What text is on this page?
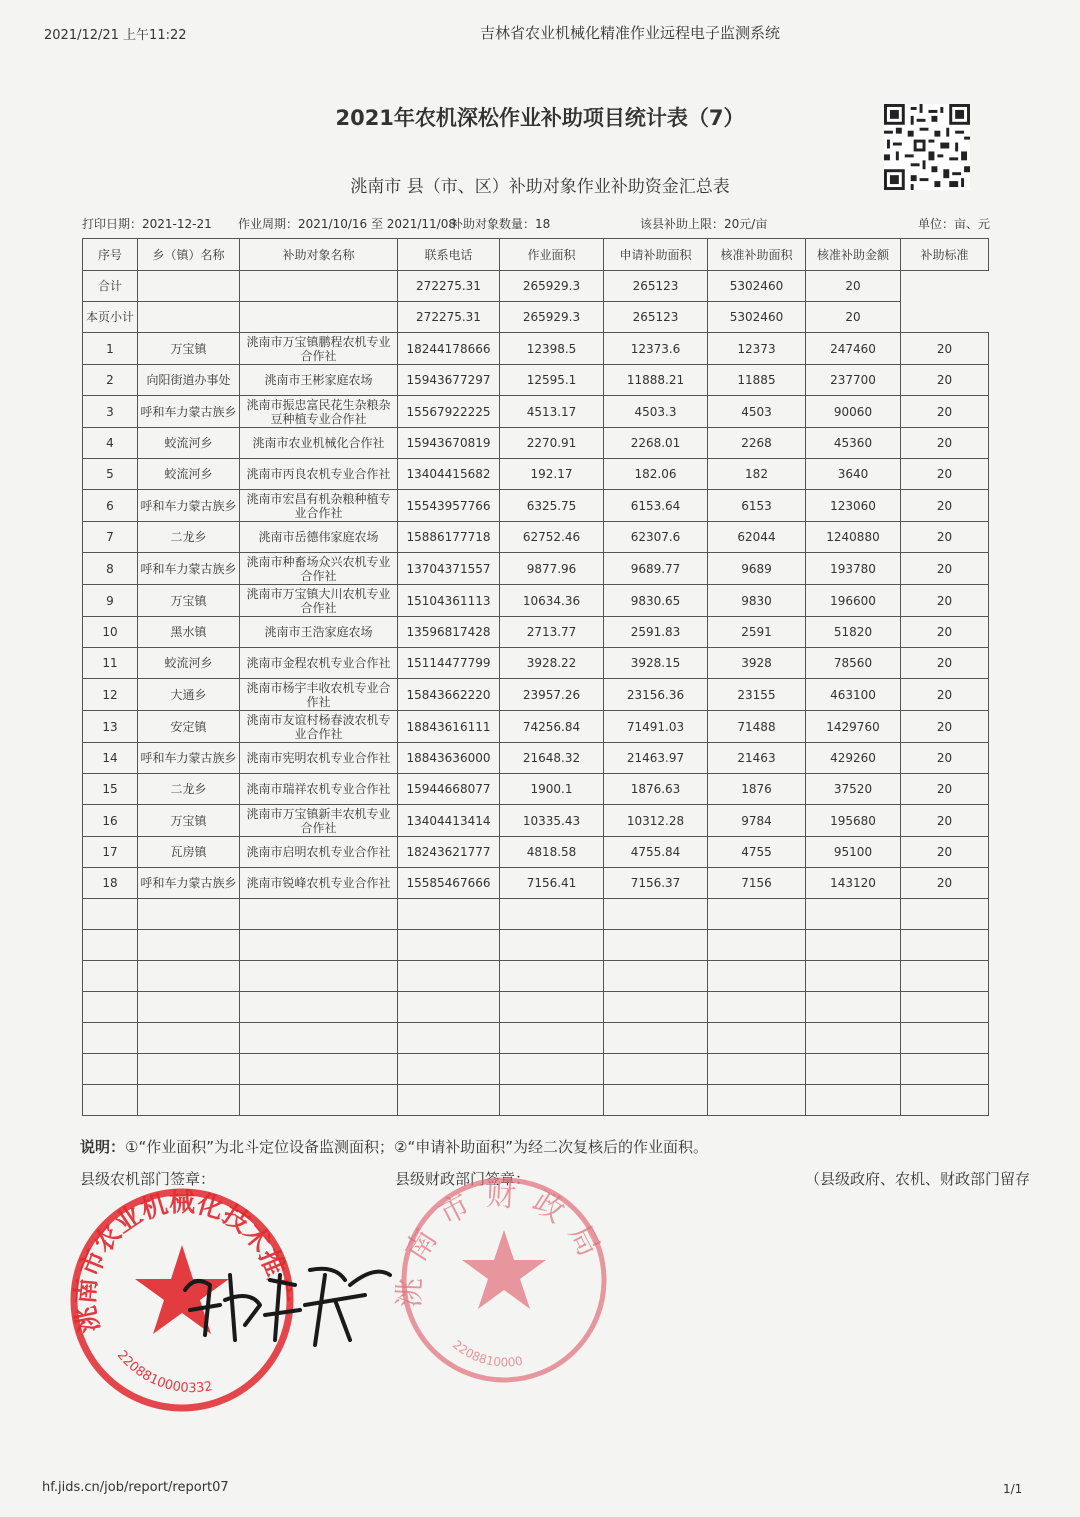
2021/12/21 上午11:22	吉林省农业机械化精准作业远程电子监测系统
2021年农机深松作业补助项目统计表（7）
洮南市 县（市、区）补助对象作业补助资金汇总表
打印日期：2021-12-21 作业周期：2021/10/16 至 2021/11/08
补助对象数量：18	该县补助上限：20元/亩	单位：亩、元
序号	乡（镇）名称	补助对象名称	联系电话	作业面积	申请补助面积	核准补助面积	核准补助金额	补助标准
合计			272275.31	265929.3	265123	5302460	20	
本页小计			272275.31	265929.3	265123	5302460	20	
1	万宝镇	洮南市万宝镇鹏程农机专业合作社	18244178666	12398.5	12373.6	12373	247460	20
2	向阳街道办事处	洮南市王彬家庭农场	15943677297	12595.1	11888.21	11885	237700	20
3	呼和车力蒙古族乡	洮南市振忠富民花生杂粮杂豆种植专业合作社	15567922225	4513.17	4503.3	4503	90060	20
4	蛟流河乡	洮南市农业机械化合作社	15943670819	2270.91	2268.01	2268	45360	20
5	蛟流河乡	洮南市丙良农机专业合作社	13404415682	192.17	182.06	182	3640	20
6	呼和车力蒙古族乡	洮南市宏昌有机杂粮种植专业合作社	15543957766	6325.75	6153.64	6153	123060	20
7	二龙乡	洮南市岳德伟家庭农场	15886177718	62752.46	62307.6	62044	1240880	20
8	呼和车力蒙古族乡	洮南市种畜场众兴农机专业合作社	13704371557	9877.96	9689.77	9689	193780	20
9	万宝镇	洮南市万宝镇大川农机专业合作社	15104361113	10634.36	9830.65	9830	196600	20
10	黑水镇	洮南市王浩家庭农场	13596817428	2713.77	2591.83	2591	51820	20
11	蛟流河乡	洮南市金程农机专业合作社	15114477799	3928.22	3928.15	3928	78560	20
12	大通乡	洮南市杨宇丰收农机专业合作社	15843662220	23957.26	23156.36	23155	463100	20
13	安定镇	洮南市友谊村杨春波农机专业合作社	18843616111	74256.84	71491.03	71488	1429760	20
14	呼和车力蒙古族乡	洮南市宪明农机专业合作社	18843636000	21648.32	21463.97	21463	429260	20
15	二龙乡	洮南市瑞祥农机专业合作社	15944668077	1900.1	1876.63	1876	37520	20
16	万宝镇	洮南市万宝镇新丰农机专业合作社	13404413414	10335.43	10312.28	9784	195680	20
17	瓦房镇	洮南市启明农机专业合作社	18243621777	4818.58	4755.84	4755	95100	20
18	呼和车力蒙古族乡	洮南市锐峰农机专业合作社	15585467666	7156.41	7156.37	7156	143120	20

说明：①“作业面积”为北斗定位设备监测面积；②“申请补助面积”为经二次复核后的作业面积。
县级农机部门签章：	县级财政部门签章：	（县级政府、农机、财政部门留存
洮南市农业机械化技术推广
2208810000332
洮南市财政局
2208810000
hf.jids.cn/job/report/report07	1/1
